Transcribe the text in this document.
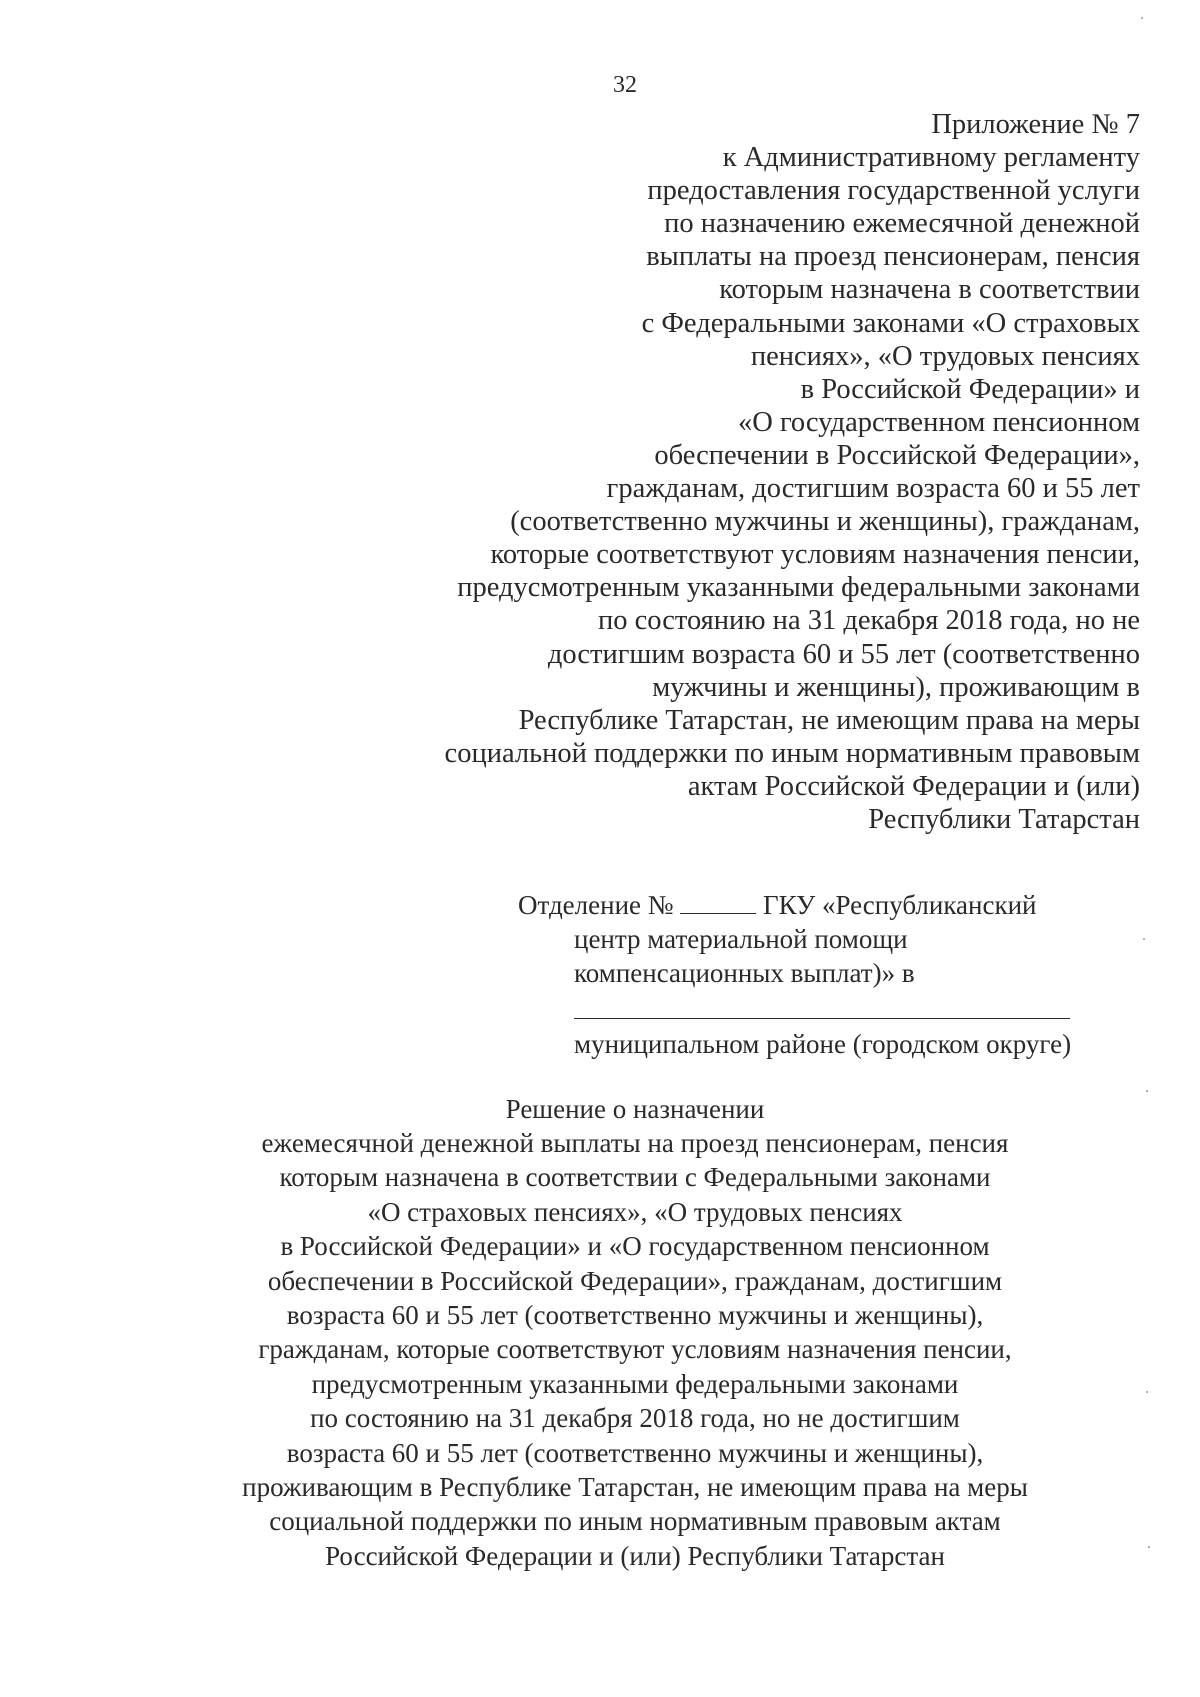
32
Приложение № 7
к Административному регламенту
предоставления государственной услуги
по назначению ежемесячной денежной
выплаты на проезд пенсионерам, пенсия
которым назначена в соответствии
с Федеральными законами «О страховых
пенсиях», «О трудовых пенсиях
в Российской Федерации» и
«О государственном пенсионном
обеспечении в Российской Федерации»,
гражданам, достигшим возраста 60 и 55 лет
(соответственно мужчины и женщины), гражданам,
которые соответствуют условиям назначения пенсии,
предусмотренным указанными федеральными законами
по состоянию на 31 декабря 2018 года, но не
достигшим возраста 60 и 55 лет (соответственно
мужчины и женщины), проживающим в
Республике Татарстан, не имеющим права на меры
социальной поддержки по иным нормативным правовым
актам Российской Федерации и (или)
Республики Татарстан
Отделение №	ГКУ «Республиканский
центр материальной помощи
компенсационных выплат)» в
муниципальном районе (городском округе)
Решение о назначении
ежемесячной денежной выплаты на проезд пенсионерам, пенсия
которым назначена в соответствии с Федеральными законами
«О страховых пенсиях», «О трудовых пенсиях
в Российской Федерации» и «О государственном пенсионном
обеспечении в Российской Федерации», гражданам, достигшим
возраста 60 и 55 лет (соответственно мужчины и женщины),
гражданам, которые соответствуют условиям назначения пенсии,
предусмотренным указанными федеральными законами
по состоянию на 31 декабря 2018 года, но не достигшим
возраста 60 и 55 лет (соответственно мужчины и женщины),
проживающим в Республике Татарстан, не имеющим права на меры
социальной поддержки по иным нормативным правовым актам
Российской Федерации и (или) Республики Татарстан
